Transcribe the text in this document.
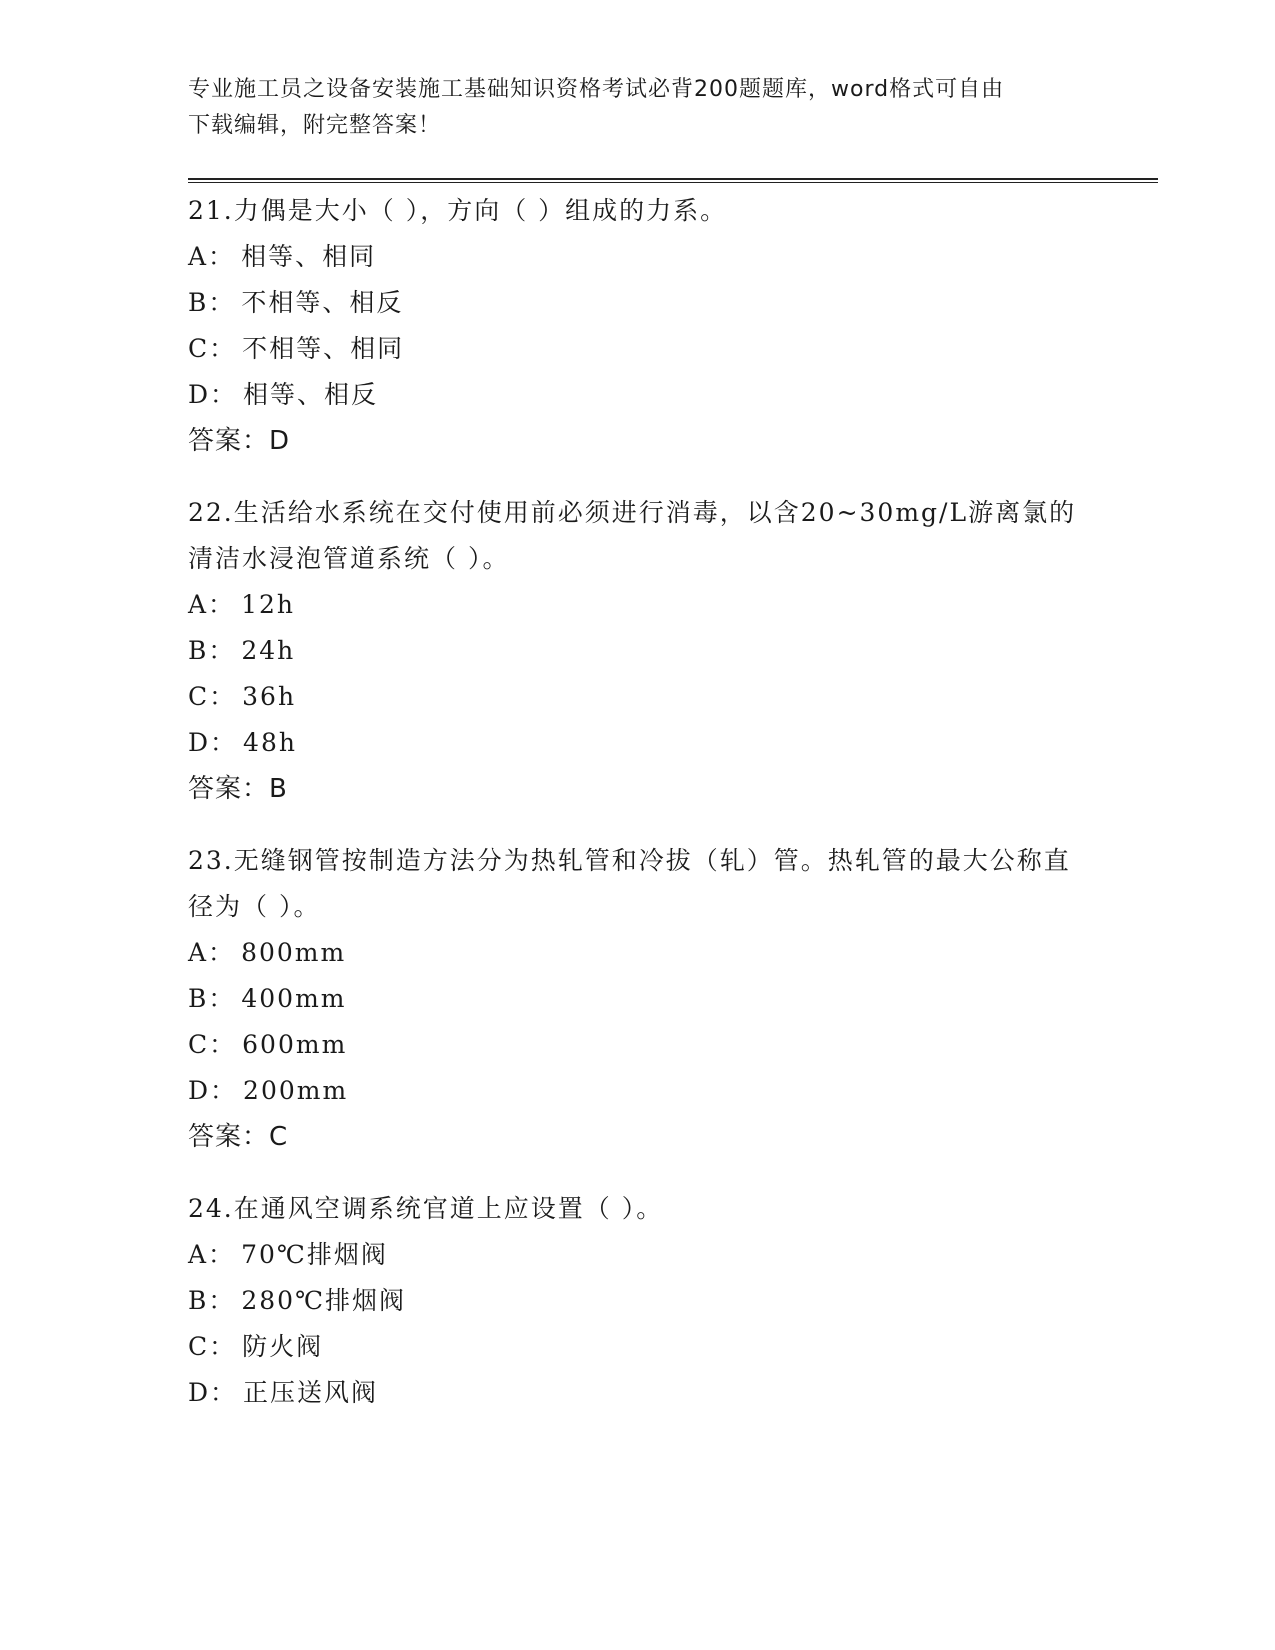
专业施工员之设备安装施工基础知识资格考试必背200题题库，word格式可自由
下载编辑，附完整答案！
21.力偶是大小（ ），方向（ ）组成的力系。
A： 相等、相同
B： 不相等、相反
C： 不相等、相同
D： 相等、相反
答案：D
22.生活给水系统在交付使用前必须进行消毒，以含20~30mg/L游离氯的清洁水浸泡管道系统（ ）。
A： 12h
B： 24h
C： 36h
D： 48h
答案：B
23.无缝钢管按制造方法分为热轧管和冷拔（轧）管。热轧管的最大公称直径为（ ）。
A： 800mm
B： 400mm
C： 600mm
D： 200mm
答案：C
24.在通风空调系统官道上应设置（ ）。
A： 70℃排烟阀
B： 280℃排烟阀
C： 防火阀
D： 正压送风阀
